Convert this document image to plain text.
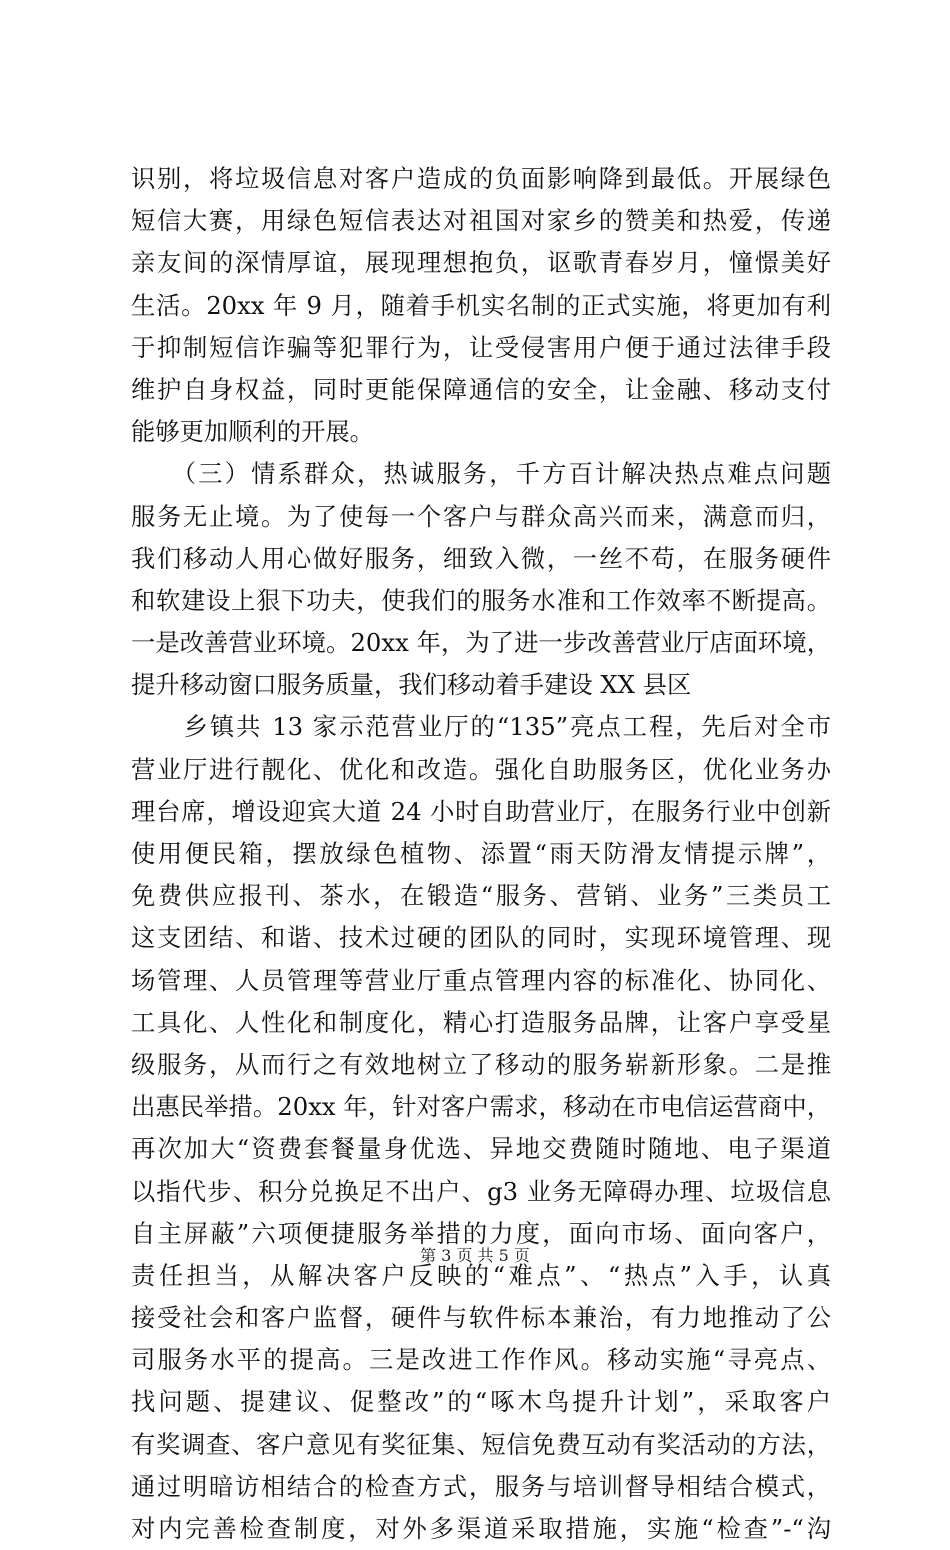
识别，将垃圾信息对客户造成的负面影响降到最低。开展绿色
短信大赛，用绿色短信表达对祖国对家乡的赞美和热爱，传递
亲友间的深情厚谊，展现理想抱负，讴歌青春岁月，憧憬美好
生活。20xx 年 9 月，随着手机实名制的正式实施，将更加有利
于抑制短信诈骗等犯罪行为，让受侵害用户便于通过法律手段
维护自身权益，同时更能保障通信的安全，让金融、移动支付
能够更加顺利的开展。
　　（三）情系群众，热诚服务，千方百计解决热点难点问题
服务无止境。为了使每一个客户与群众高兴而来，满意而归，
我们移动人用心做好服务，细致入微，一丝不苟，在服务硬件
和软建设上狠下功夫，使我们的服务水准和工作效率不断提高。
一是改善营业环境。20xx 年，为了进一步改善营业厅店面环境，
提升移动窗口服务质量，我们移动着手建设 XX 县区
　　乡镇共 13 家示范营业厅的“135”亮点工程，先后对全市
营业厅进行靓化、优化和改造。强化自助服务区，优化业务办
理台席，增设迎宾大道 24 小时自助营业厅，在服务行业中创新
使用便民箱，摆放绿色植物、添置“雨天防滑友情提示牌”，
免费供应报刊、茶水，在锻造“服务、营销、业务”三类员工
这支团结、和谐、技术过硬的团队的同时，实现环境管理、现
场管理、人员管理等营业厅重点管理内容的标准化、协同化、
工具化、人性化和制度化，精心打造服务品牌，让客户享受星
级服务，从而行之有效地树立了移动的服务崭新形象。二是推
出惠民举措。20xx 年，针对客户需求，移动在市电信运营商中，
再次加大“资费套餐量身优选、异地交费随时随地、电子渠道
以指代步、积分兑换足不出户、g3 业务无障碍办理、垃圾信息
自主屏蔽”六项便捷服务举措的力度，面向市场、面向客户，
责任担当，从解决客户反映的“难点”、“热点”入手，认真
接受社会和客户监督，硬件与软件标本兼治，有力地推动了公
司服务水平的提高。三是改进工作作风。移动实施“寻亮点、
找问题、提建议、促整改”的“啄木鸟提升计划”，采取客户
有奖调查、客户意见有奖征集、短信免费互动有奖活动的方法，
通过明暗访相结合的检查方式，服务与培训督导相结合模式，
对内完善检查制度，对外多渠道采取措施，实施“检查”-“沟
第 3 页 共 5 页
